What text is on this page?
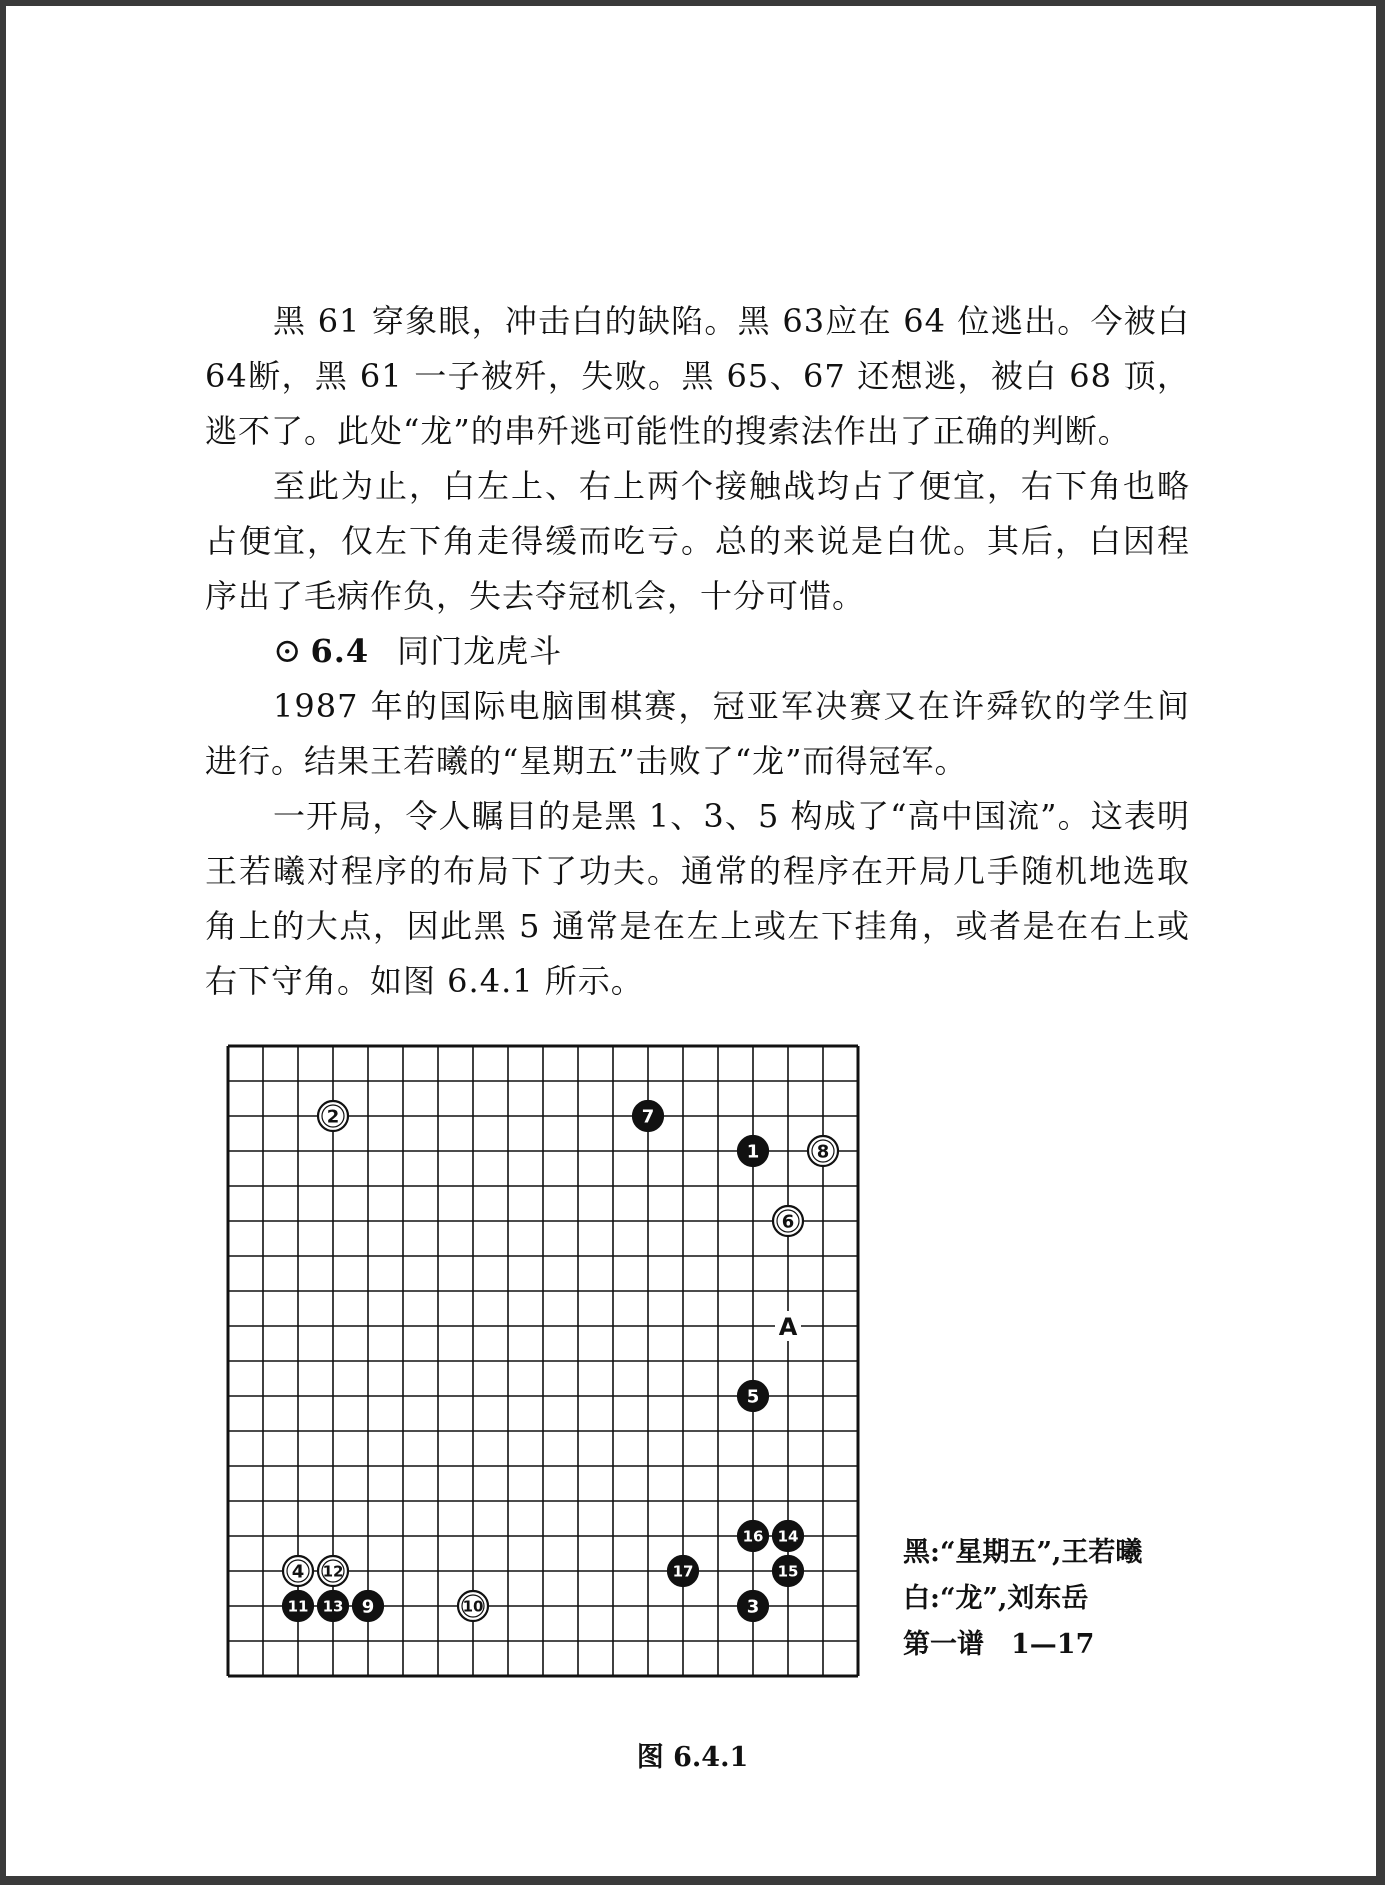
黑 61 穿象眼，冲击白的缺陷。黑 63应在 64 位逃出。今被白 64断，黑 61 一子被歼，失败。黑 65、67 还想逃，被白 68 顶，逃不了。此处“龙”的串歼逃可能性的搜索法作出了正确的判断。

至此为止，白左上、右上两个接触战均占了便宜，右下角也略占便宜，仅左下角走得缓而吃亏。总的来说是白优。其后，白因程序出了毛病作负，失去夺冠机会，十分可惜。

⊙ 6.4 同门龙虎斗

1987 年的国际电脑围棋赛，冠亚军决赛又在许舜钦的学生间进行。结果王若曦的“星期五”击败了“龙”而得冠军。

一开局，令人瞩目的是黑 1、3、5 构成了“高中国流”。这表明王若曦对程序的布局下了功夫。通常的程序在开局几手随机地选取角上的大点，因此黑 5 通常是在左上或左下挂角，或者是在右上或右下守角。如图 6.4.1 所示。

A
1
2
3
4
5
6
7
8
9	10
11
12
13
14
15
16
17
黑:“星期五”,王若曦
白:“龙”,刘东岳
第一谱　1—17
图 6.4.1
